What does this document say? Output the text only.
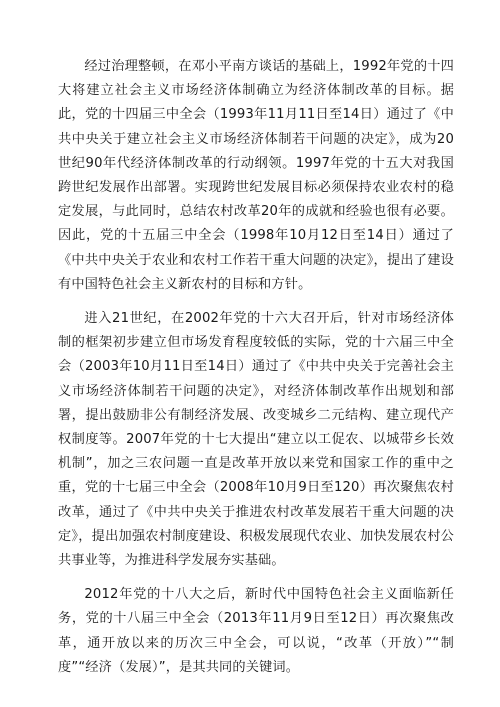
经过治理整顿，在邓小平南方谈话的基础上，1992年党的十四大将建立社会主义市场经济体制确立为经济体制改革的目标。据此，党的十四届三中全会（1993年11月11日至14日）通过了《中共中央关于建立社会主义市场经济体制若干问题的决定》，成为20世纪90年代经济体制改革的行动纲领。1997年党的十五大对我国跨世纪发展作出部署。实现跨世纪发展目标必须保持农业农村的稳定发展，与此同时，总结农村改革20年的成就和经验也很有必要。因此，党的十五届三中全会（1998年10月12日至14日）通过了《中共中央关于农业和农村工作若干重大问题的决定》，提出了建设有中国特色社会主义新农村的目标和方针。

进入21世纪，在2002年党的十六大召开后，针对市场经济体制的框架初步建立但市场发育程度较低的实际，党的十六届三中全会（2003年10月11日至14日）通过了《中共中央关于完善社会主义市场经济体制若干问题的决定》，对经济体制改革作出规划和部署，提出鼓励非公有制经济发展、改变城乡二元结构、建立现代产权制度等。2007年党的十七大提出“建立以工促农、以城带乡长效机制”，加之三农问题一直是改革开放以来党和国家工作的重中之重，党的十七届三中全会（2008年10月9日至120）再次聚焦农村改革，通过了《中共中央关于推进农村改革发展若干重大问题的决定》，提出加强农村制度建设、积极发展现代农业、加快发展农村公共事业等，为推进科学发展夯实基础。

2012年党的十八大之后，新时代中国特色社会主义面临新任务，党的十八届三中全会（2013年11月9日至12日）再次聚焦改革，通开放以来的历次三中全会，可以说，“改革（开放）”“制度”“经济（发展）”，是其共同的关键词。
